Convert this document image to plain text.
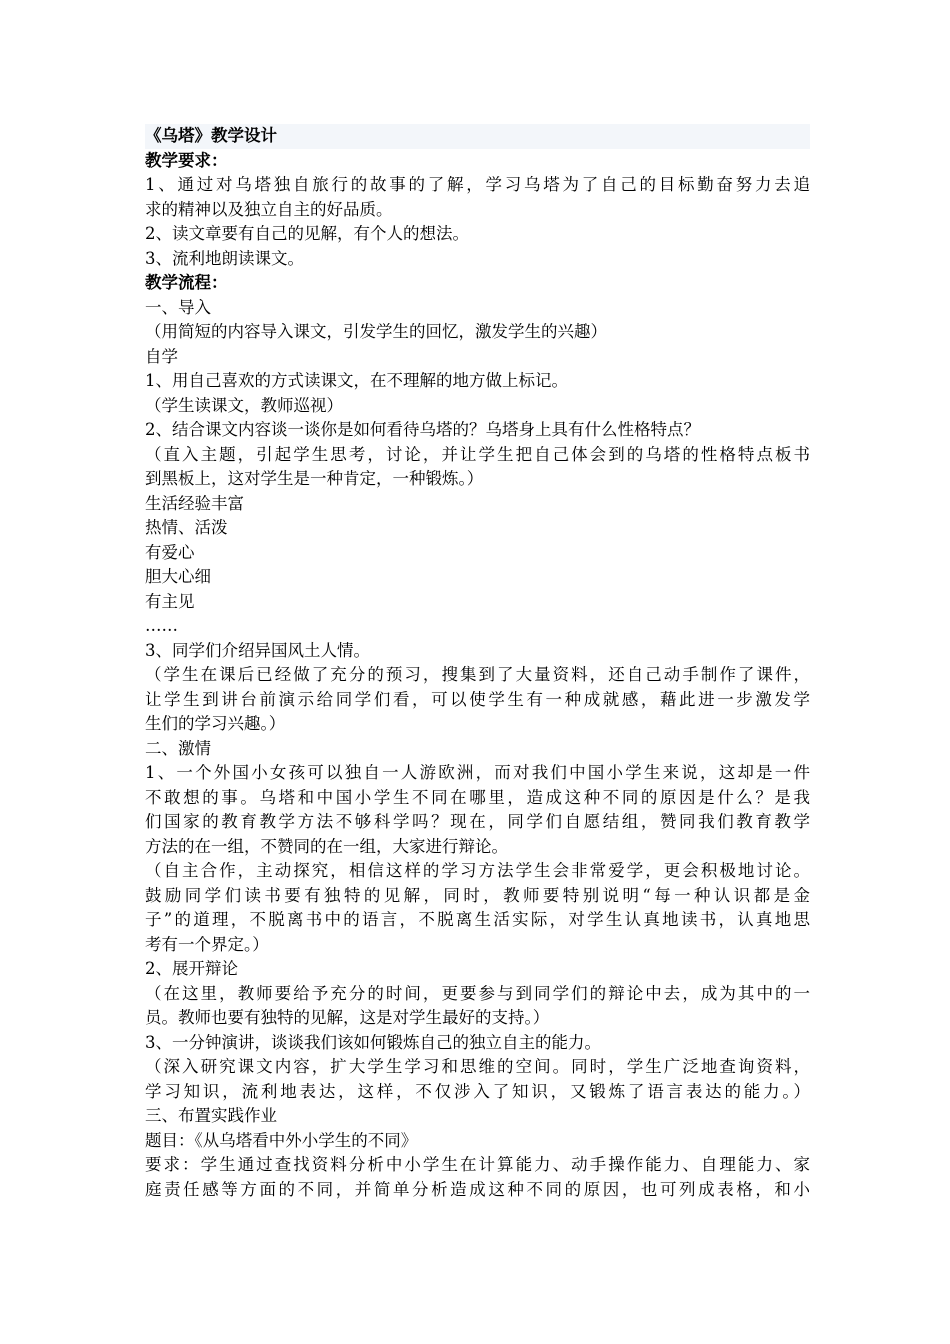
《乌塔》教学设计
教学要求：
1、通过对乌塔独自旅行的故事的了解，学习乌塔为了自己的目标勤奋努力去追
求的精神以及独立自主的好品质。
2、读文章要有自己的见解，有个人的想法。
3、流利地朗读课文。
教学流程：
一、导入
（用简短的内容导入课文，引发学生的回忆，激发学生的兴趣）
自学
1、用自己喜欢的方式读课文，在不理解的地方做上标记。
（学生读课文，教师巡视）
2、结合课文内容谈一谈你是如何看待乌塔的？乌塔身上具有什么性格特点？
（直入主题，引起学生思考，讨论，并让学生把自己体会到的乌塔的性格特点板书
到黑板上，这对学生是一种肯定，一种锻炼。）
生活经验丰富
热情、活泼
有爱心
胆大心细
有主见
……
3、同学们介绍异国风土人情。
（学生在课后已经做了充分的预习，搜集到了大量资料，还自己动手制作了课件，
让学生到讲台前演示给同学们看，可以使学生有一种成就感，藉此进一步激发学
生们的学习兴趣。）
二、激情
1、一个外国小女孩可以独自一人游欧洲，而对我们中国小学生来说，这却是一件
不敢想的事。乌塔和中国小学生不同在哪里，造成这种不同的原因是什么？是我
们国家的教育教学方法不够科学吗？现在，同学们自愿结组，赞同我们教育教学
方法的在一组，不赞同的在一组，大家进行辩论。
（自主合作，主动探究，相信这样的学习方法学生会非常爱学，更会积极地讨论。
鼓励同学们读书要有独特的见解，同时，教师要特别说明“每一种认识都是金
子”的道理，不脱离书中的语言，不脱离生活实际，对学生认真地读书，认真地思
考有一个界定。）
2、展开辩论
（在这里，教师要给予充分的时间，更要参与到同学们的辩论中去，成为其中的一
员。教师也要有独特的见解，这是对学生最好的支持。）
3、一分钟演讲，谈谈我们该如何锻炼自己的独立自主的能力。
（深入研究课文内容，扩大学生学习和思维的空间。同时，学生广泛地查询资料，
学习知识，流利地表达，这样，不仅涉入了知识，又锻炼了语言表达的能力。）
三、布置实践作业
题目：《从乌塔看中外小学生的不同》
要求：学生通过查找资料分析中小学生在计算能力、动手操作能力、自理能力、家
庭责任感等方面的不同，并简单分析造成这种不同的原因，也可列成表格，和小
